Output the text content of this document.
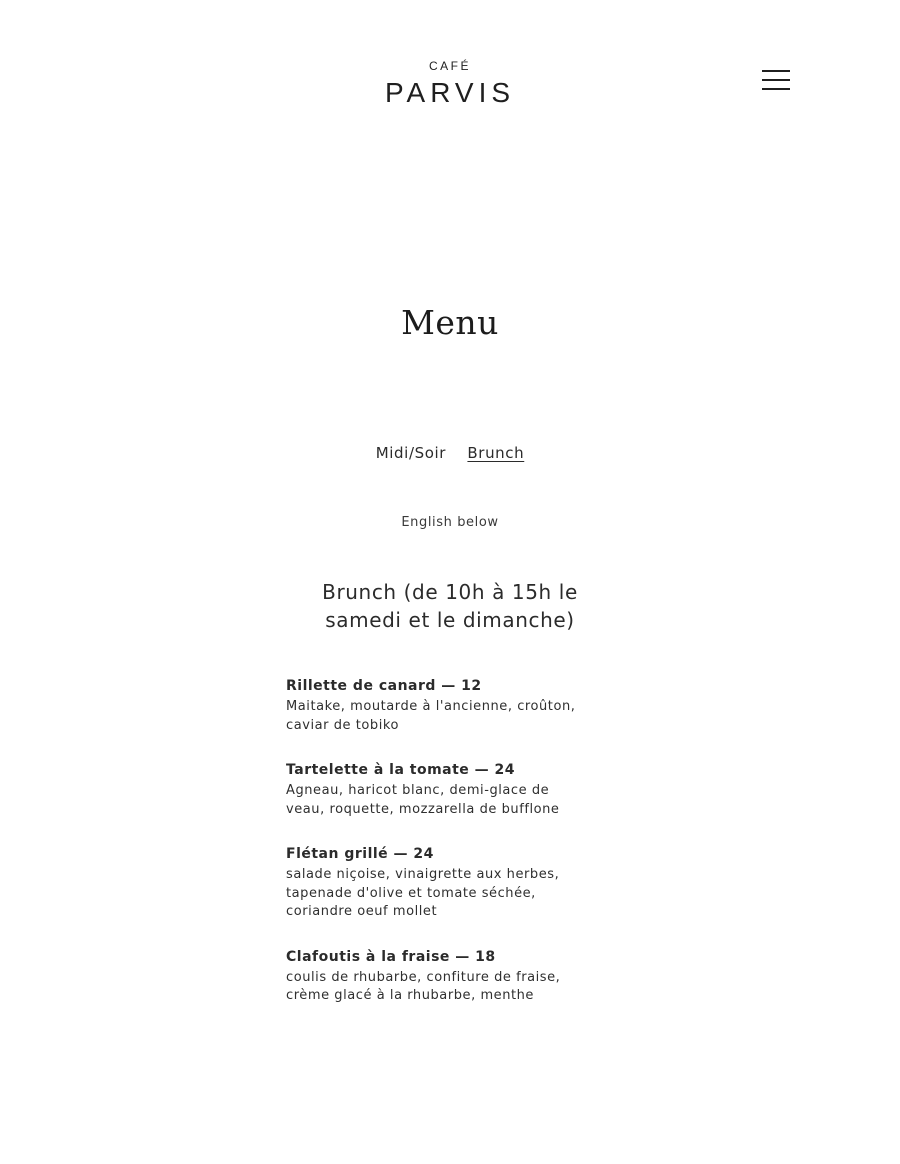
CAFÉ
PARVIS
Menu
Midi/Soir Brunch
English below
Brunch (de 10h à 15h le samedi et le dimanche)
Rillette de canard — 12
Maitake, moutarde à l'ancienne, croûton, caviar de tobiko
Tartelette à la tomate — 24
Agneau, haricot blanc, demi-glace de veau, roquette, mozzarella de bufflone
Flétan grillé — 24
salade niçoise, vinaigrette aux herbes, tapenade d'olive et tomate séchée, coriandre oeuf mollet
Clafoutis à la fraise — 18
coulis de rhubarbe, confiture de fraise, crème glacé à la rhubarbe, menthe
